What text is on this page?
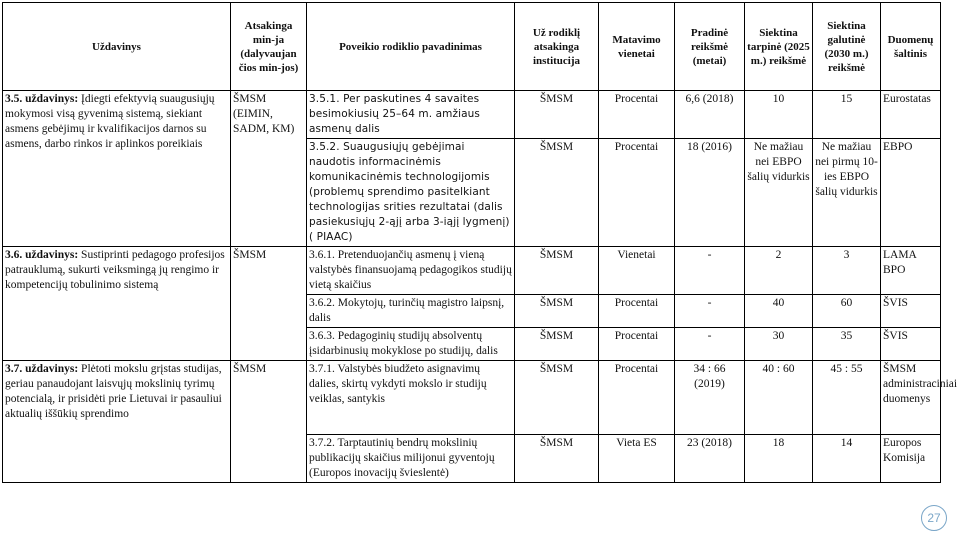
Uždavinys	Atsakinga min-ja (dalyvaujan čios min-jos)	Poveikio rodiklio pavadinimas	Už rodiklį atsakinga institucija	Matavimo vienetai	Pradinė reikšmė (metai)	Siektina tarpinė (2025 m.) reikšmė	Siektina galutinė (2030 m.) reikšmė	Duomenų šaltinis
3.5. uždavinys: Įdiegti efektyvią suaugusiųjų mokymosi visą gyvenimą sistemą, siekiant asmens gebėjimų ir kvalifikacijos darnos su asmens, darbo rinkos ir aplinkos poreikiais	ŠMSM (EIMIN, SADM, KM)	3.5.1. Per paskutines 4 savaites besimokiusių 25–64 m. amžiaus asmenų dalis	ŠMSM	Procentai	6,6 (2018)	10	15	Eurostatas
		3.5.2. Suaugusiųjų gebėjimai naudotis informacinėmis komunikacinėmis technologijomis (problemų sprendimo pasitelkiant technologijas srities rezultatai (dalis pasiekusiųjų 2-ąjį arba 3-iąjį lygmenį) ( PIAAC)	ŠMSM	Procentai	18 (2016)	Ne mažiau nei EBPO šalių vidurkis	Ne mažiau nei pirmų 10-ies EBPO šalių vidurkis	EBPO
3.6. uždavinys: Sustiprinti pedagogo profesijos patrauklumą, sukurti veiksmingą jų rengimo ir kompetencijų tobulinimo sistemą	ŠMSM	3.6.1. Pretenduojančių asmenų į vieną valstybės finansuojamą pedagogikos studijų vietą skaičius	ŠMSM	Vienetai	-	2	3	LAMA BPO
		3.6.2. Mokytojų, turinčių magistro laipsnį, dalis	ŠMSM	Procentai	-	40	60	ŠVIS
		3.6.3. Pedagoginių studijų absolventų įsidarbinusių mokyklose po studijų, dalis	ŠMSM	Procentai	-	30	35	ŠVIS
3.7. uždavinys: Plėtoti mokslu grįstas studijas, geriau panaudojant laisvųjų mokslinių tyrimų potencialą, ir prisidėti prie Lietuvai ir pasauliui aktualių iššūkių sprendimo	ŠMSM	3.7.1. Valstybės biudžeto asignavimų dalies, skirtų vykdyti mokslo ir studijų veiklas, santykis	ŠMSM	Procentai	34 : 66 (2019)	40 : 60	45 : 55	ŠMSM administraciniai duomenys
		3.7.2. Tarptautinių bendrų mokslinių publikacijų skaičius milijonui gyventojų (Europos inovacijų švieslentė)	ŠMSM	Vieta ES	23 (2018)	18	14	Europos Komisija
27
